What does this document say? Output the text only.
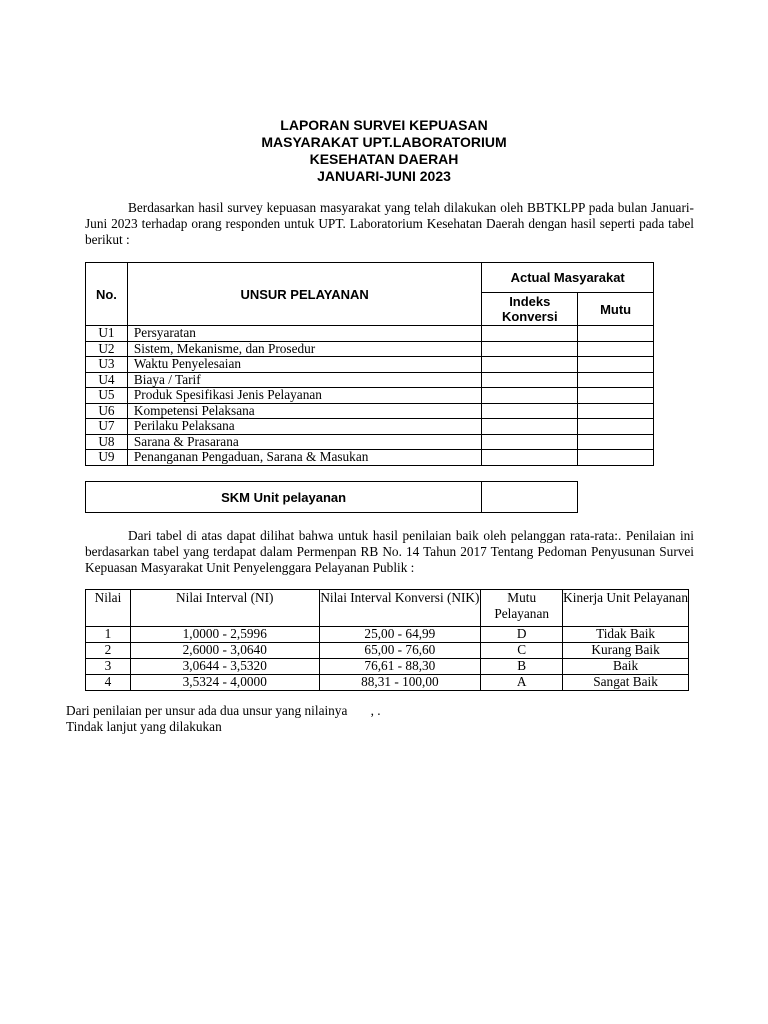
LAPORAN SURVEI KEPUASAN
MASYARAKAT UPT.LABORATORIUM
KESEHATAN DAERAH
JANUARI-JUNI 2023

Berdasarkan hasil survey kepuasan masyarakat yang telah dilakukan oleh BBTKLPP pada bulan Januari-Juni 2023 terhadap orang responden untuk UPT. Laboratorium Kesehatan Daerah dengan hasil seperti pada tabel berikut :

No.	UNSUR PELAYANAN	Actual Masyarakat	
		Indeks Konversi	Mutu
U1	Persyaratan		
U2	Sistem, Mekanisme, dan Prosedur		
U3	Waktu Penyelesaian		
U4	Biaya / Tarif		
U5	Produk Spesifikasi Jenis Pelayanan		
U6	Kompetensi Pelaksana		
U7	Perilaku Pelaksana		
U8	Sarana & Prasarana		
U9	Penanganan Pengaduan, Sarana & Masukan		
SKM Unit pelayanan	

Dari tabel di atas dapat dilihat bahwa untuk hasil penilaian baik oleh pelanggan rata-rata:. Penilaian ini berdasarkan tabel yang terdapat dalam Permenpan RB No. 14 Tahun 2017 Tentang Pedoman Penyusunan Survei Kepuasan Masyarakat Unit Penyelenggara Pelayanan Publik :

Nilai	Nilai Interval (NI)	Nilai Interval Konversi (NIK)	Mutu Pelayanan	Kinerja Unit Pelayanan
1	1,0000 - 2,5996	25,00 - 64,99	D	Tidak Baik
2	2,6000 - 3,0640	65,00 - 76,60	C	Kurang Baik
3	3,0644 - 3,5320	76,61 - 88,30	B	Baik
4	3,5324 - 4,0000	88,31 - 100,00	A	Sangat Baik
Dari penilaian per unsur ada dua unsur yang nilainya       , .
Tindak lanjut yang dilakukan
